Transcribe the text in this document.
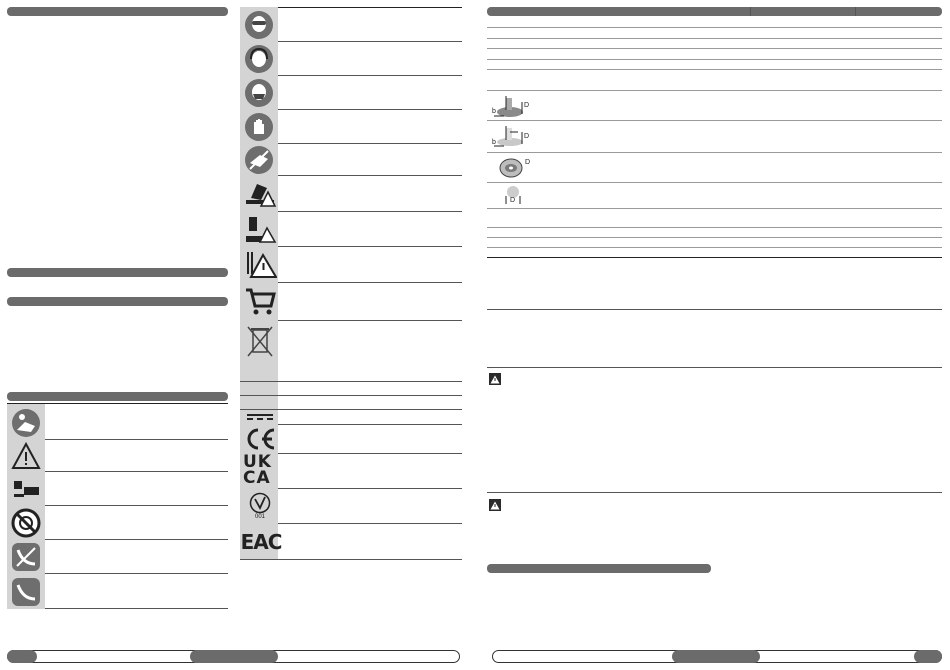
UK
CA
001
EAC
D
b
D
b
D
D
